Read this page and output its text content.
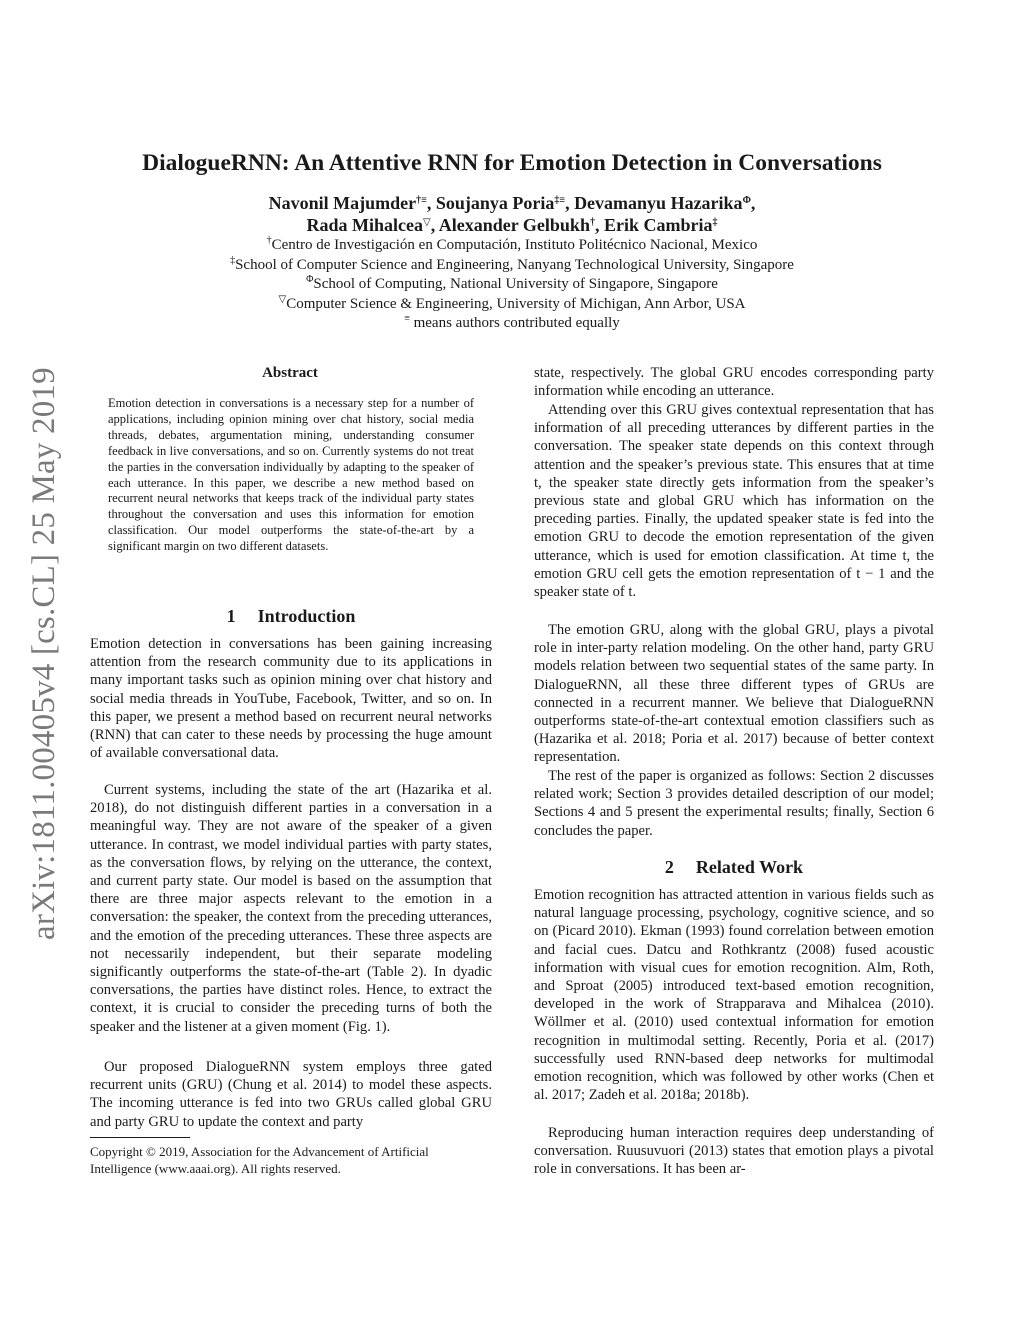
arXiv:1811.00405v4 [cs.CL] 25 May 2019
DialogueRNN: An Attentive RNN for Emotion Detection in Conversations
Navonil Majumder†≡, Soujanya Poria‡≡, Devamanyu Hazarika$^\Phi$,
Rada Mihalcea▽, Alexander Gelbukh†, Erik Cambria‡
†Centro de Investigación en Computación, Instituto Politécnico Nacional, Mexico
‡School of Computer Science and Engineering, Nanyang Technological University, Singapore
$^\Phi$School of Computing, National University of Singapore, Singapore
▽Computer Science & Engineering, University of Michigan, Ann Arbor, USA
≡ means authors contributed equally
Abstract
Emotion detection in conversations is a necessary step for a number of applications, including opinion mining over chat history, social media threads, debates, argumentation mining, understanding consumer feedback in live conversations, and so on. Currently systems do not treat the parties in the conversation individually by adapting to the speaker of each utterance. In this paper, we describe a new method based on recurrent neural networks that keeps track of the individual party states throughout the conversation and uses this information for emotion classification. Our model outperforms the state-of-the-art by a significant margin on two different datasets.
1 Introduction

Emotion detection in conversations has been gaining increasing attention from the research community due to its applications in many important tasks such as opinion mining over chat history and social media threads in YouTube, Facebook, Twitter, and so on. In this paper, we present a method based on recurrent neural networks (RNN) that can cater to these needs by processing the huge amount of available conversational data.

Current systems, including the state of the art (Hazarika et al. 2018), do not distinguish different parties in a conversation in a meaningful way. They are not aware of the speaker of a given utterance. In contrast, we model individual parties with party states, as the conversation flows, by relying on the utterance, the context, and current party state. Our model is based on the assumption that there are three major aspects relevant to the emotion in a conversation: the speaker, the context from the preceding utterances, and the emotion of the preceding utterances. These three aspects are not necessarily independent, but their separate modeling significantly outperforms the state-of-the-art (Table 2). In dyadic conversations, the parties have distinct roles. Hence, to extract the context, it is crucial to consider the preceding turns of both the speaker and the listener at a given moment (Fig. 1).

Our proposed DialogueRNN system employs three gated recurrent units (GRU) (Chung et al. 2014) to model these aspects. The incoming utterance is fed into two GRUs called global GRU and party GRU to update the context and party

Copyright © 2019, Association for the Advancement of Artificial Intelligence (www.aaai.org). All rights reserved.

state, respectively. The global GRU encodes corresponding party information while encoding an utterance.

Attending over this GRU gives contextual representation that has information of all preceding utterances by different parties in the conversation. The speaker state depends on this context through attention and the speaker’s previous state. This ensures that at time t, the speaker state directly gets information from the speaker’s previous state and global GRU which has information on the preceding parties. Finally, the updated speaker state is fed into the emotion GRU to decode the emotion representation of the given utterance, which is used for emotion classification. At time t, the emotion GRU cell gets the emotion representation of t − 1 and the speaker state of t.

The emotion GRU, along with the global GRU, plays a pivotal role in inter-party relation modeling. On the other hand, party GRU models relation between two sequential states of the same party. In DialogueRNN, all these three different types of GRUs are connected in a recurrent manner. We believe that DialogueRNN outperforms state-of-the-art contextual emotion classifiers such as (Hazarika et al. 2018; Poria et al. 2017) because of better context representation.

The rest of the paper is organized as follows: Section 2 discusses related work; Section 3 provides detailed description of our model; Sections 4 and 5 present the experimental results; finally, Section 6 concludes the paper.

2 Related Work

Emotion recognition has attracted attention in various fields such as natural language processing, psychology, cognitive science, and so on (Picard 2010). Ekman (1993) found correlation between emotion and facial cues. Datcu and Rothkrantz (2008) fused acoustic information with visual cues for emotion recognition. Alm, Roth, and Sproat (2005) introduced text-based emotion recognition, developed in the work of Strapparava and Mihalcea (2010). Wöllmer et al. (2010) used contextual information for emotion recognition in multimodal setting. Recently, Poria et al. (2017) successfully used RNN-based deep networks for multimodal emotion recognition, which was followed by other works (Chen et al. 2017; Zadeh et al. 2018a; 2018b).

Reproducing human interaction requires deep understanding of conversation. Ruusuvuori (2013) states that emotion plays a pivotal role in conversations. It has been ar-
